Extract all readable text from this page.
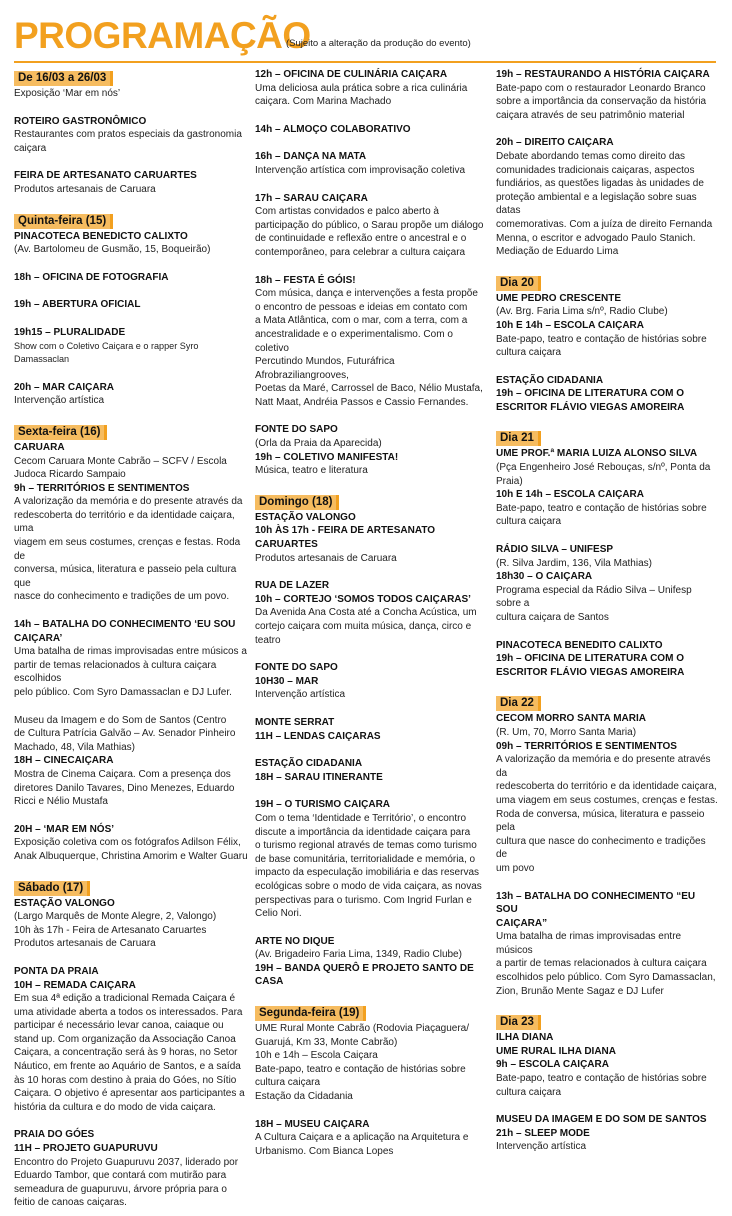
PROGRAMAÇÃO
(Sujeito a alteração da produção do evento)
De 16/03 a 26/03
Exposição ‘Mar em nós’
ROTEIRO GASTRONÔMICO
Restaurantes com pratos especiais da gastronomia
caiçara
FEIRA DE ARTESANATO CARUARTES
Produtos artesanais de Caruara
Quinta-feira (15)
PINACOTECA BENEDICTO CALIXTO
(Av. Bartolomeu de Gusmão, 15, Boqueirão)
18h – OFICINA DE FOTOGRAFIA
19h – ABERTURA OFICIAL
19h15 – PLURALIDADE
Show com o Coletivo Caiçara e o rapper Syro Damassaclan
20h – MAR CAIÇARA
Intervenção artística
Sexta-feira (16)
CARUARA
Cecom Caruara Monte Cabrão – SCFV / Escola
Judoca Ricardo Sampaio
9h – TERRITÓRIOS E SENTIMENTOS
A valorização da memória e do presente através da
redescoberta do território e da identidade caiçara, uma
viagem em seus costumes, crenças e festas. Roda de
conversa, música, literatura e passeio pela cultura que
nasce do conhecimento e tradições de um povo.
14h – BATALHA DO CONHECIMENTO ‘EU SOU
CAIÇARA’
Uma batalha de rimas improvisadas entre músicos a
partir de temas relacionados à cultura caiçara escolhidos
pelo público. Com Syro Damassaclan e DJ Lufer.
Museu da Imagem e do Som de Santos (Centro
de Cultura Patrícia Galvão – Av. Senador Pinheiro
Machado, 48, Vila Mathias)
18H – CINECAIÇARA
Mostra de Cinema Caiçara. Com a presença dos
diretores Danilo Tavares, Dino Menezes, Eduardo
Ricci e Nélio Mustafa
20H – ‘MAR EM NÓS’
Exposição coletiva com os fotógrafos Adilson Félix,
Anak Albuquerque, Christina Amorim e Walter Guaru
Sábado (17)
ESTAÇÃO VALONGO
(Largo Marquês de Monte Alegre, 2, Valongo)
10h às 17h - Feira de Artesanato Caruartes
Produtos artesanais de Caruara
PONTA DA PRAIA
10H – REMADA CAIÇARA
Em sua 4ª edição a tradicional Remada Caiçara é
uma atividade aberta a todos os interessados. Para
participar é necessário levar canoa, caiaque ou
stand up. Com organização da Associação Canoa
Caiçara, a concentração será às 9 horas, no Setor
Náutico, em frente ao Aquário de Santos, e a saída
às 10 horas com destino à praia do Góes, no Sítio
Caiçara. O objetivo é apresentar aos participantes a
história da cultura e do modo de vida caiçara.
PRAIA DO GÓES
11H – PROJETO GUAPURUVU
Encontro do Projeto Guapuruvu 2037, liderado por
Eduardo Tambor, que contará com mutirão para
semeadura de guapuruvu, árvore própria para o
feitio de canoas caiçaras.
12h – OFICINA DE CULINÁRIA CAIÇARA
Uma deliciosa aula prática sobre a rica culinária
caiçara. Com Marina Machado
14h – ALMOÇO COLABORATIVO
16h – DANÇA NA MATA
Intervenção artística com improvisação coletiva
17h – SARAU CAIÇARA
Com artistas convidados e palco aberto à
participação do público, o Sarau propõe um diálogo
de continuidade e reflexão entre o ancestral e o
contemporâneo, para celebrar a cultura caiçara
18h – FESTA É GÓIS!
Com música, dança e intervenções a festa propõe
o encontro de pessoas e ideias em contato com
a Mata Atlântica, com o mar, com a terra, com a
ancestralidade e o experimentalismo. Com o coletivo
Percutindo Mundos, Futuráfrica Afrobraziliangrooves,
Poetas da Maré, Carrossel de Baco, Nélio Mustafa,
Natt Maat, Andréia Passos e Cassio Fernandes.
FONTE DO SAPO
(Orla da Praia da Aparecida)
19h – COLETIVO MANIFESTA!
Música, teatro e literatura
Domingo (18)
ESTAÇÃO VALONGO
10h ÀS 17h - FEIRA DE ARTESANATO
CARUARTES
Produtos artesanais de Caruara
RUA DE LAZER
10h – CORTEJO ‘SOMOS TODOS CAIÇARAS’
Da Avenida Ana Costa até a Concha Acústica, um
cortejo caiçara com muita música, dança, circo e
teatro
FONTE DO SAPO
10H30 – MAR
Intervenção artística
MONTE SERRAT
11H – LENDAS CAIÇARAS
ESTAÇÃO CIDADANIA
18H – SARAU ITINERANTE
19H – O TURISMO CAIÇARA
Com o tema ‘Identidade e Território’, o encontro
discute a importância da identidade caiçara para
o turismo regional através de temas como turismo
de base comunitária, territorialidade e memória, o
impacto da especulação imobiliária e das reservas
ecológicas sobre o modo de vida caiçara, as novas
perspectivas para o turismo. Com Ingrid Furlan e
Celio Nori.
ARTE NO DIQUE
(Av. Brigadeiro Faria Lima, 1349, Radio Clube)
19H – BANDA QUERÔ E PROJETO SANTO DE
CASA
Segunda-feira (19)
UME Rural Monte Cabrão (Rodovia Piaçaguera/
Guarujá, Km 33, Monte Cabrão)
10h e 14h – Escola Caiçara
Bate-papo, teatro e contação de histórias sobre
cultura caiçara
Estação da Cidadania
18H – MUSEU CAIÇARA
A Cultura Caiçara e a aplicação na Arquitetura e
Urbanismo. Com Bianca Lopes
19h – RESTAURANDO A HISTÓRIA CAIÇARA
Bate-papo com o restaurador Leonardo Branco
sobre a importância da conservação da história
caiçara através de seu patrimônio material
20h – DIREITO CAIÇARA
Debate abordando temas como direito das
comunidades tradicionais caiçaras, aspectos
fundiários, as questões ligadas às unidades de
proteção ambiental e a legislação sobre suas datas
comemorativas. Com a juíza de direito Fernanda
Menna, o escritor e advogado Paulo Stanich.
Mediação de Eduardo Lima
Dia 20
UME PEDRO CRESCENTE
(Av. Brg. Faria Lima s/nº, Radio Clube)
10h E 14h – ESCOLA CAIÇARA
Bate-papo, teatro e contação de histórias sobre
cultura caiçara
ESTAÇÃO CIDADANIA
19h – OFICINA DE LITERATURA COM O
ESCRITOR FLÁVIO VIEGAS AMOREIRA
Dia 21
UME PROF.ª MARIA LUIZA ALONSO SILVA
(Pça Engenheiro José Rebouças, s/nº, Ponta da
Praia)
10h E 14h – ESCOLA CAIÇARA
Bate-papo, teatro e contação de histórias sobre
cultura caiçara
RÁDIO SILVA – UNIFESP
(R. Silva Jardim, 136, Vila Mathias)
18h30 – O CAIÇARA
Programa especial da Rádio Silva – Unifesp sobre a
cultura caiçara de Santos
PINACOTECA BENEDITO CALIXTO
19h – OFICINA DE LITERATURA COM O
ESCRITOR FLÁVIO VIEGAS AMOREIRA
Dia 22
CECOM MORRO SANTA MARIA
(R. Um, 70, Morro Santa Maria)
09h – TERRITÓRIOS E SENTIMENTOS
A valorização da memória e do presente através da
redescoberta do território e da identidade caiçara,
uma viagem em seus costumes, crenças e festas.
Roda de conversa, música, literatura e passeio pela
cultura que nasce do conhecimento e tradições de
um povo
13h – BATALHA DO CONHECIMENTO “EU SOU
CAIÇARA”
Uma batalha de rimas improvisadas entre músicos
a partir de temas relacionados à cultura caiçara
escolhidos pelo público. Com Syro Damassaclan,
Zion, Brunão Mente Sagaz e DJ Lufer
Dia 23
ILHA DIANA
UME RURAL ILHA DIANA
9h – ESCOLA CAIÇARA
Bate-papo, teatro e contação de histórias sobre
cultura caiçara
MUSEU DA IMAGEM E DO SOM DE SANTOS
21h – SLEEP MODE
Intervenção artística
